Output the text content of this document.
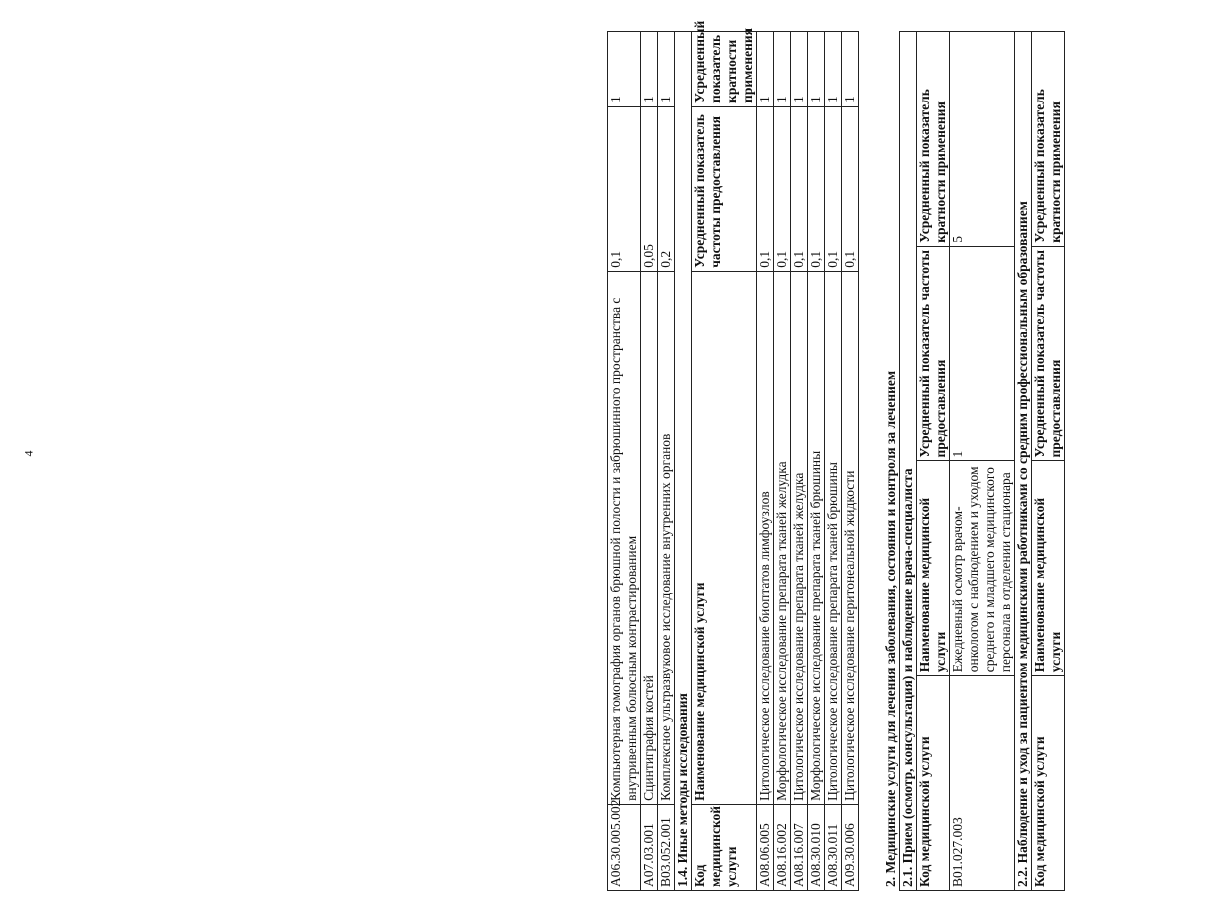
4
A06.30.005.002	Компьютерная томография органов брюшной полости и забрюшинного пространства с внутривенным болюсным контрастированием	0,1	1
A07.03.001	Сцинтиграфия костей	0,05	1
B03.052.001	Комплексное ультразвуковое исследование внутренних органов	0,2	1
1.4. Иные методы исследования			
Код медицинской услуги	Наименование медицинской услуги	Усредненный показатель частоты предоставления	Усредненный показатель кратности применения
A08.06.005	Цитологическое исследование биоптатов лимфоузлов	0,1	1
A08.16.002	Морфологическое исследование препарата тканей желудка	0,1	1
A08.16.007	Цитологическое исследование препарата тканей желудка	0,1	1
A08.30.010	Морфологическое исследование препарата тканей брюшины	0,1	1
A08.30.011	Цитологическое исследование препарата тканей брюшины	0,1	1
A09.30.006	Цитологическое исследование перитонеальной жидкости	0,1	1
2. Медицинские услуги для лечения заболевания, состояния и контроля за лечением 2.1. Прием (осмотр, консультация) и наблюдение врача-специалиста			
Код медицинской услуги	Наименование медицинской услуги	Усредненный показатель частоты предоставления	Усредненный показатель кратности применения
B01.027.003	Ежедневный осмотр врачом-онкологом с наблюдением и уходом среднего и младшего медицинского персонала в отделении стационара	1	5
2.2. Наблюдение и уход за пациентом медицинскими работниками со средним профессиональным образованием			
Код медицинской услуги	Наименование медицинской услуги	Усредненный показатель частоты предоставления	Усредненный показатель кратности применения
